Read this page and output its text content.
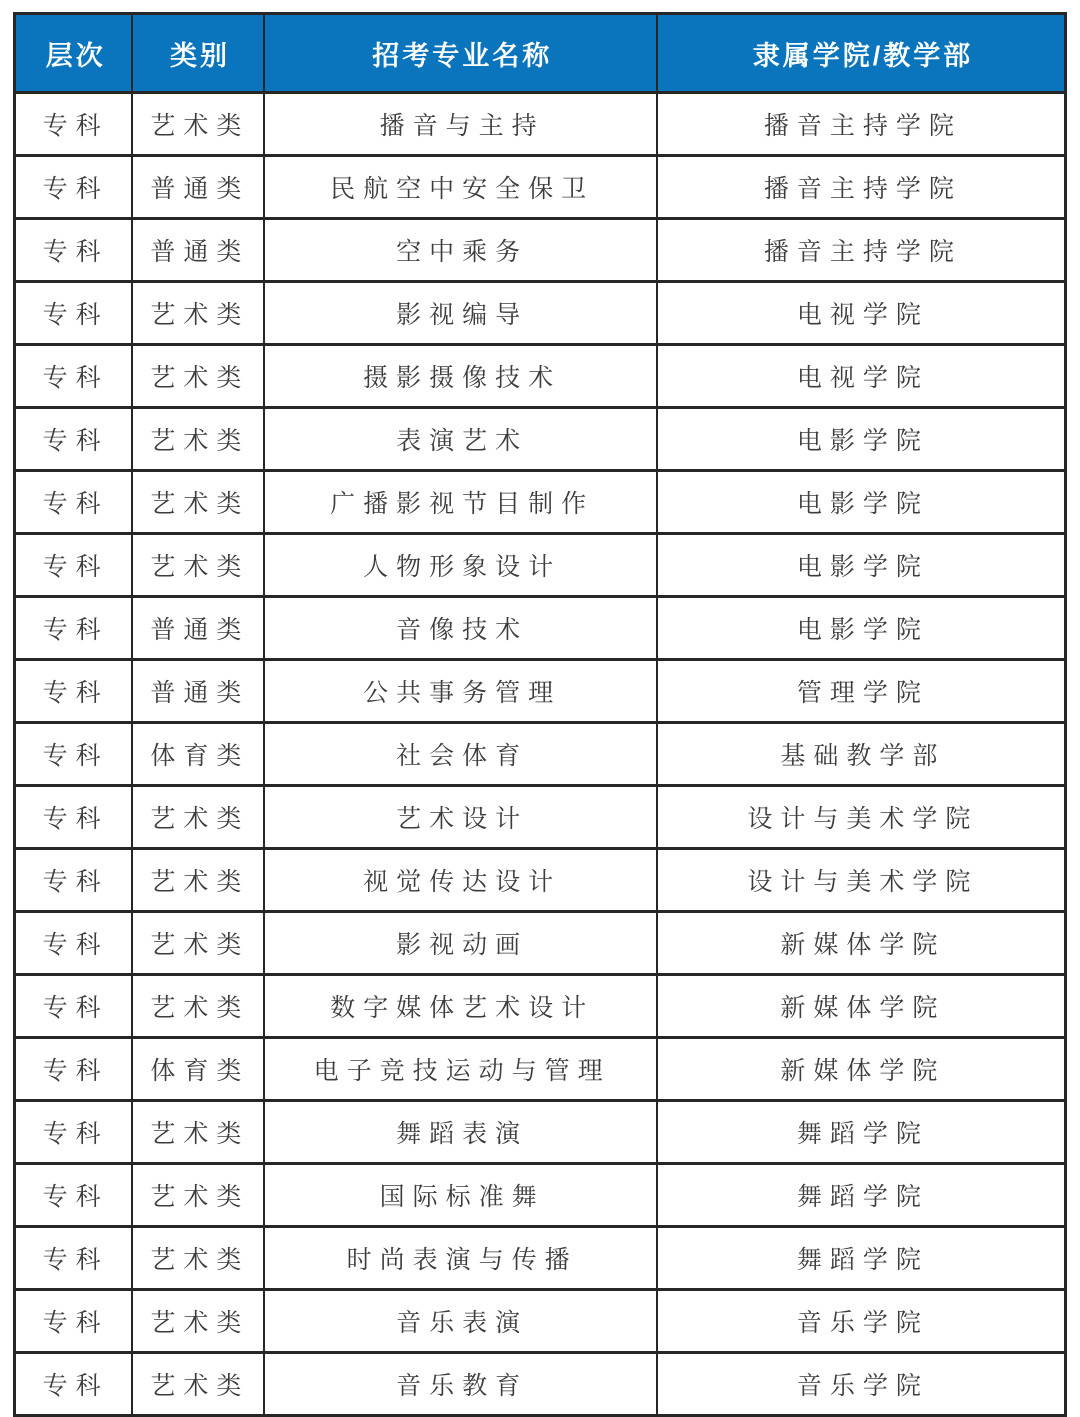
层次	类别	招考专业名称	隶属学院/教学部
专科	艺术类	播音与主持	播音主持学院
专科	普通类	民航空中安全保卫	播音主持学院
专科	普通类	空中乘务	播音主持学院
专科	艺术类	影视编导	电视学院
专科	艺术类	摄影摄像技术	电视学院
专科	艺术类	表演艺术	电影学院
专科	艺术类	广播影视节目制作	电影学院
专科	艺术类	人物形象设计	电影学院
专科	普通类	音像技术	电影学院
专科	普通类	公共事务管理	管理学院
专科	体育类	社会体育	基础教学部
专科	艺术类	艺术设计	设计与美术学院
专科	艺术类	视觉传达设计	设计与美术学院
专科	艺术类	影视动画	新媒体学院
专科	艺术类	数字媒体艺术设计	新媒体学院
专科	体育类	电子竞技运动与管理	新媒体学院
专科	艺术类	舞蹈表演	舞蹈学院
专科	艺术类	国际标准舞	舞蹈学院
专科	艺术类	时尚表演与传播	舞蹈学院
专科	艺术类	音乐表演	音乐学院
专科	艺术类	音乐教育	音乐学院
